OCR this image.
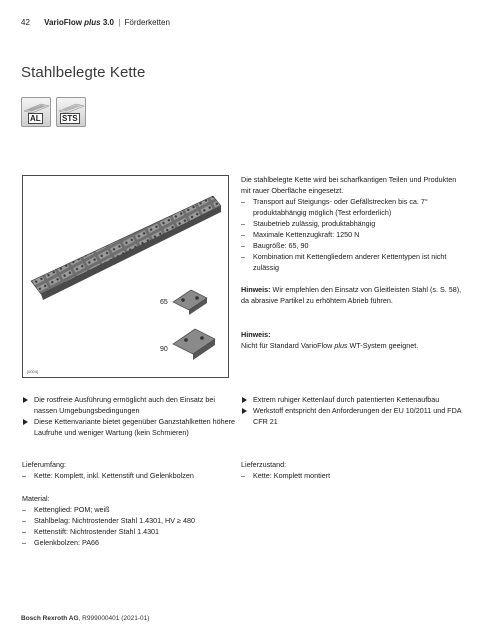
42 VarioFlow plus 3.0 | Förderketten
Stahlbelegte Kette
AL	STS
65
90
[0004]

Die stahlbelegte Kette wird bei scharfkantigen Teilen und Produkten mit rauer Oberfläche eingesetzt.

– Transport auf Steigungs- oder Gefällstrecken bis ca. 7° produktabhängig möglich (Test erforderlich)
– Staubetrieb zulässig, produktabhängig
– Maximale Kettenzugkraft: 1250 N
– Baugröße: 65, 90
– Kombination mit Kettengliedern anderer Kettentypen ist nicht zulässig

Hinweis: Wir empfehlen den Einsatz von Gleitleisten Stahl (s. S. 58), da abrasive Partikel zu erhöhtem Abrieb führen.

Hinweis:

Nicht für Standard VarioFlow plus WT-System geeignet.

Die rostfreie Ausführung ermöglicht auch den Einsatz bei nassen Umgebungsbedingungen
Diese Kettenvariante bietet gegenüber Ganzstahlketten höhere Laufruhe und weniger Wartung (kein Schmieren)
Extrem ruhiger Kettenlauf durch patentierten Kettenaufbau
Werkstoff entspricht den Anforderungen der EU 10/2011 und FDA CFR 21

Lieferumfang:

– Kette: Komplett, inkl. Kettenstift und Gelenkbolzen

Lieferzustand:

– Kette: Komplett montiert

Material:

– Kettenglied: POM; weiß
– Stahlbelag: Nichtrostender Stahl 1.4301, HV ≥ 480
– Kettenstift: Nichtrostender Stahl 1.4301
– Gelenkbolzen: PA66
Bosch Rexroth AG, R999000401 (2021-01)
